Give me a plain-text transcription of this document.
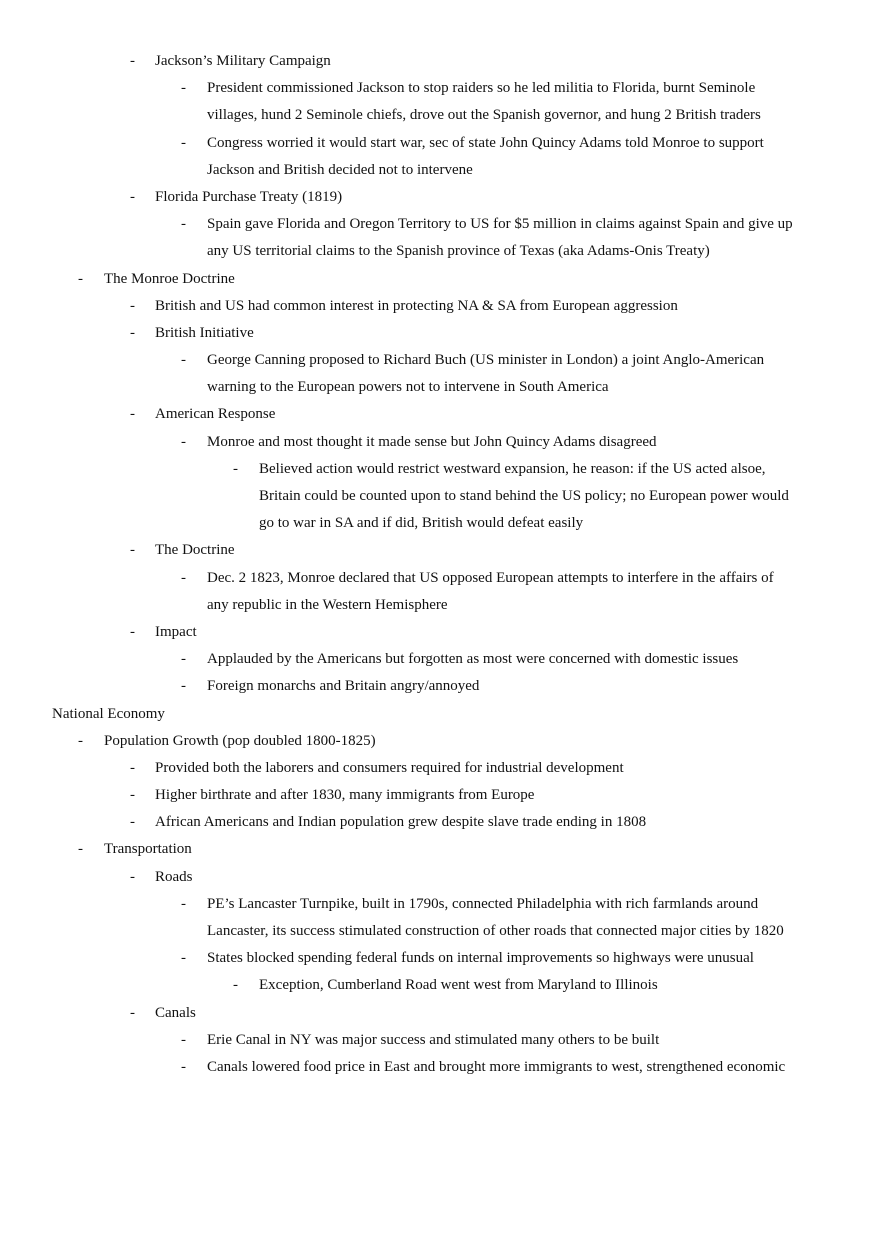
- Jackson’s Military Campaign
- President commissioned Jackson to stop raiders so he led militia to Florida, burnt Seminole
villages, hund 2 Seminole chiefs, drove out the Spanish governor, and hung 2 British traders
- Congress worried it would start war, sec of state John Quincy Adams told Monroe to support
Jackson and British decided not to intervene
- Florida Purchase Treaty (1819)
- Spain gave Florida and Oregon Territory to US for $5 million in claims against Spain and give up
any US territorial claims to the Spanish province of Texas (aka Adams-Onis Treaty)
- The Monroe Doctrine
- British and US had common interest in protecting NA & SA from European aggression
- British Initiative
- George Canning proposed to Richard Buch (US minister in London) a joint Anglo-American
warning to the European powers not to intervene in South America
- American Response
- Monroe and most thought it made sense but John Quincy Adams disagreed
- Believed action would restrict westward expansion, he reason: if the US acted alsoe,
Britain could be counted upon to stand behind the US policy; no European power would
go to war in SA and if did, British would defeat easily
- The Doctrine
- Dec. 2 1823, Monroe declared that US opposed European attempts to interfere in the affairs of
any republic in the Western Hemisphere
- Impact
- Applauded by the Americans but forgotten as most were concerned with domestic issues
- Foreign monarchs and Britain angry/annoyed
National Economy
- Population Growth (pop doubled 1800-1825)
- Provided both the laborers and consumers required for industrial development
- Higher birthrate and after 1830, many immigrants from Europe
- African Americans and Indian population grew despite slave trade ending in 1808
- Transportation
- Roads
- PE’s Lancaster Turnpike, built in 1790s, connected Philadelphia with rich farmlands around
Lancaster, its success stimulated construction of other roads that connected major cities by 1820
- States blocked spending federal funds on internal improvements so highways were unusual
- Exception, Cumberland Road went west from Maryland to Illinois
- Canals
- Erie Canal in NY was major success and stimulated many others to be built
- Canals lowered food price in East and brought more immigrants to west, strengthened economic
